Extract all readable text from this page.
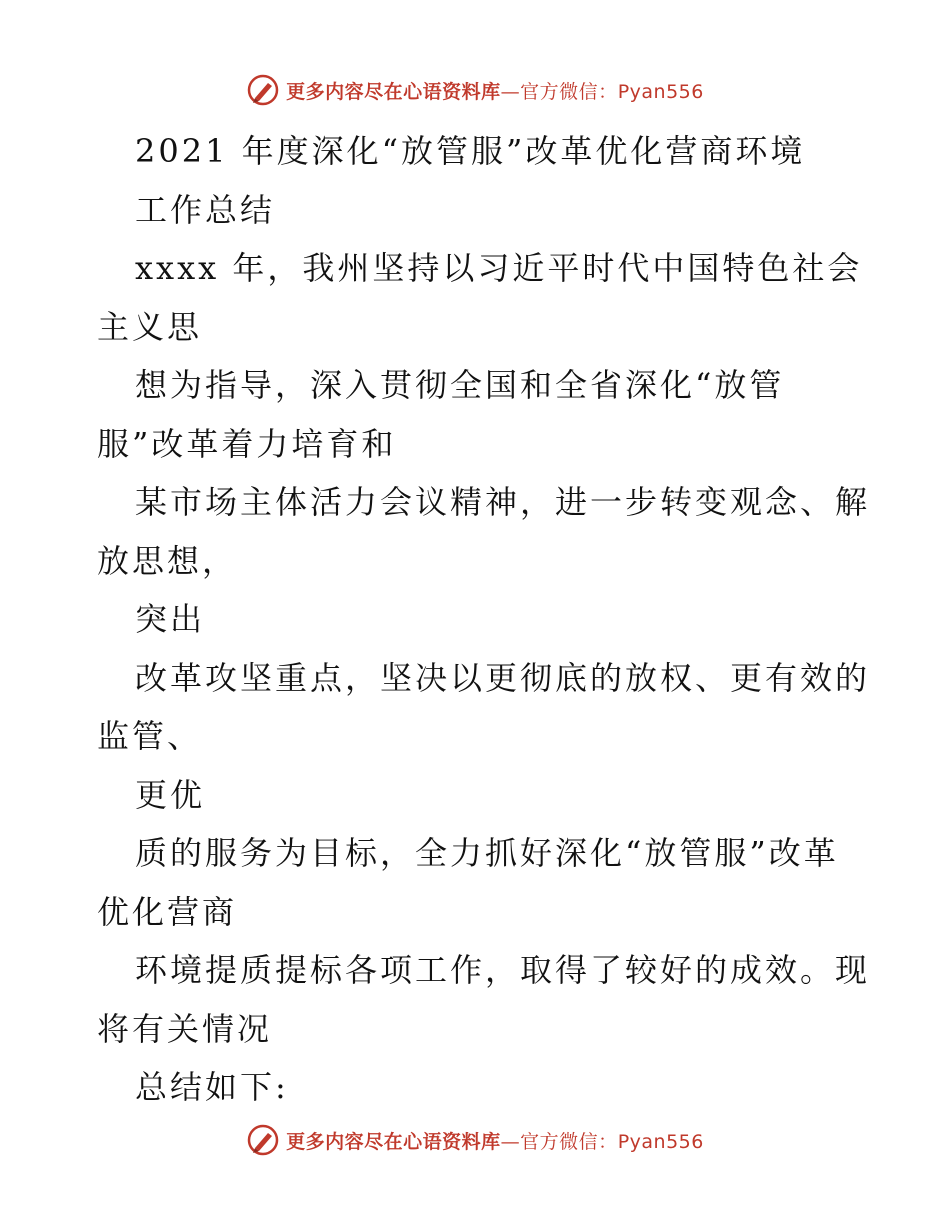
更多内容尽在心语资料库—官方微信：Pyan556
2021 年度深化“放管服”改革优化营商环境
工作总结
xxxx 年，我州坚持以习近平时代中国特色社会
主义思
想为指导，深入贯彻全国和全省深化“放管
服”改革着力培育和
某市场主体活力会议精神，进一步转变观念、解
放思想，
突出
改革攻坚重点，坚决以更彻底的放权、更有效的
监管、
更优
质的服务为目标，全力抓好深化“放管服”改革
优化营商
环境提质提标各项工作，取得了较好的成效。现
将有关情况
总结如下:
更多内容尽在心语资料库—官方微信：Pyan556
